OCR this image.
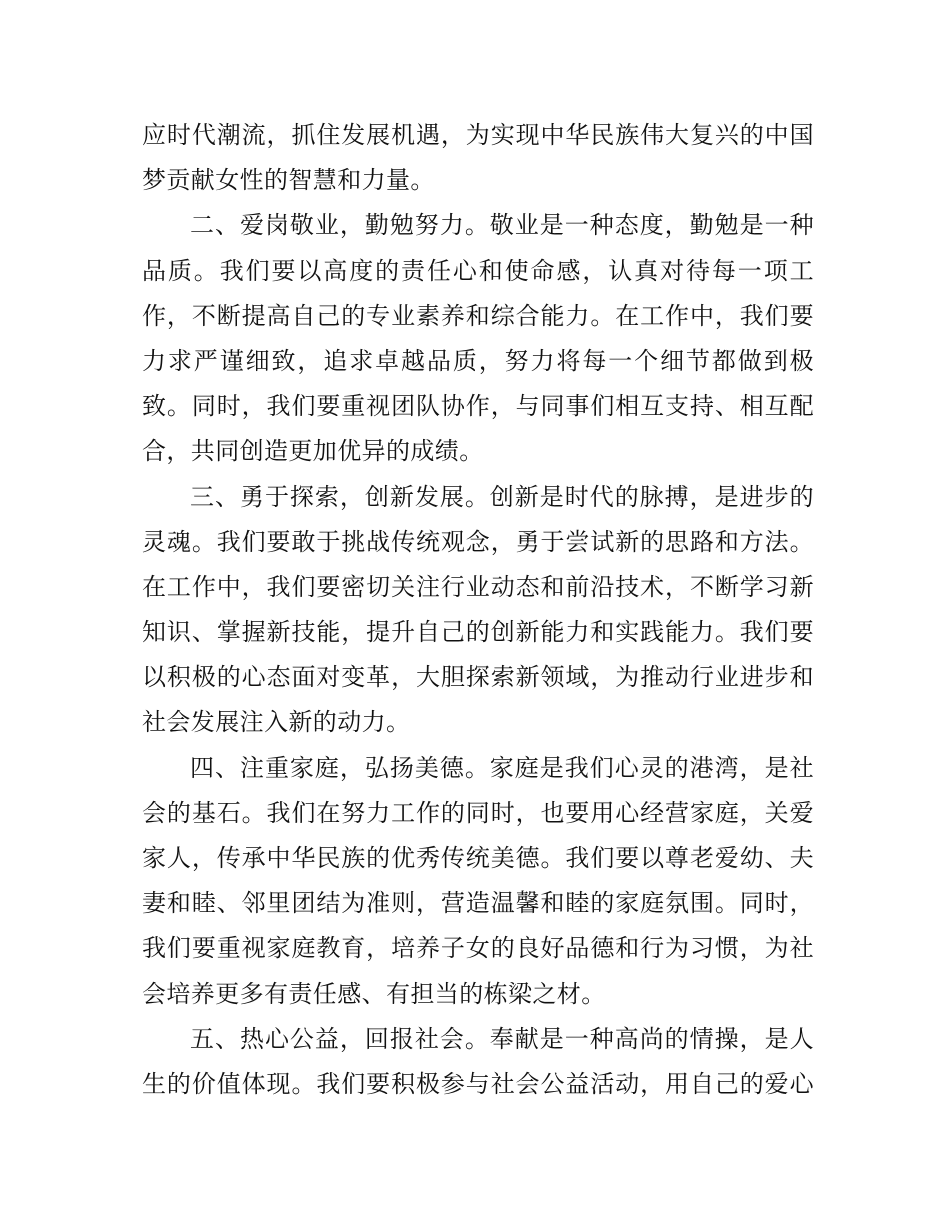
应时代潮流，抓住发展机遇，为实现中华民族伟大复兴的中国
梦贡献女性的智慧和力量。
二、爱岗敬业，勤勉努力。敬业是一种态度，勤勉是一种
品质。我们要以高度的责任心和使命感，认真对待每一项工
作，不断提高自己的专业素养和综合能力。在工作中，我们要
力求严谨细致，追求卓越品质，努力将每一个细节都做到极
致。同时，我们要重视团队协作，与同事们相互支持、相互配
合，共同创造更加优异的成绩。
三、勇于探索，创新发展。创新是时代的脉搏，是进步的
灵魂。我们要敢于挑战传统观念，勇于尝试新的思路和方法。
在工作中，我们要密切关注行业动态和前沿技术，不断学习新
知识、掌握新技能，提升自己的创新能力和实践能力。我们要
以积极的心态面对变革，大胆探索新领域，为推动行业进步和
社会发展注入新的动力。
四、注重家庭，弘扬美德。家庭是我们心灵的港湾，是社
会的基石。我们在努力工作的同时，也要用心经营家庭，关爱
家人，传承中华民族的优秀传统美德。我们要以尊老爱幼、夫
妻和睦、邻里团结为准则，营造温馨和睦的家庭氛围。同时，
我们要重视家庭教育，培养子女的良好品德和行为习惯，为社
会培养更多有责任感、有担当的栋梁之材。
五、热心公益，回报社会。奉献是一种高尚的情操，是人
生的价值体现。我们要积极参与社会公益活动，用自己的爱心
